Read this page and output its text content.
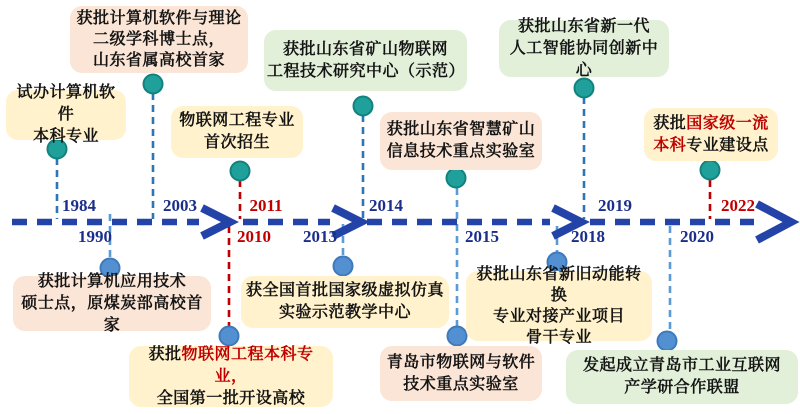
1984
1990
2003
2010
2011
2013
2014
2015	2018
2019
2020
2022
试办计算机软件
本科专业
获批计算机软件与理论
二级学科博士点，
山东省属高校首家
物联网工程专业
首次招生
获批山东省矿山物联网
工程技术研究中心（示范）
获批山东省智慧矿山
信息技术重点实验室
获批山东省新一代
人工智能协同创新中心
获批国家级一流
本科专业建设点
获批计算机应用技术
硕士点，原煤炭部高校首家
获批物联网工程本科专业，
全国第一批开设高校
获全国首批国家级虚拟仿真
实验示范教学中心
青岛市物联网与软件
技术重点实验室
获批山东省新旧动能转换
专业对接产业项目
骨干专业
发起成立青岛市工业互联网
产学研合作联盟
